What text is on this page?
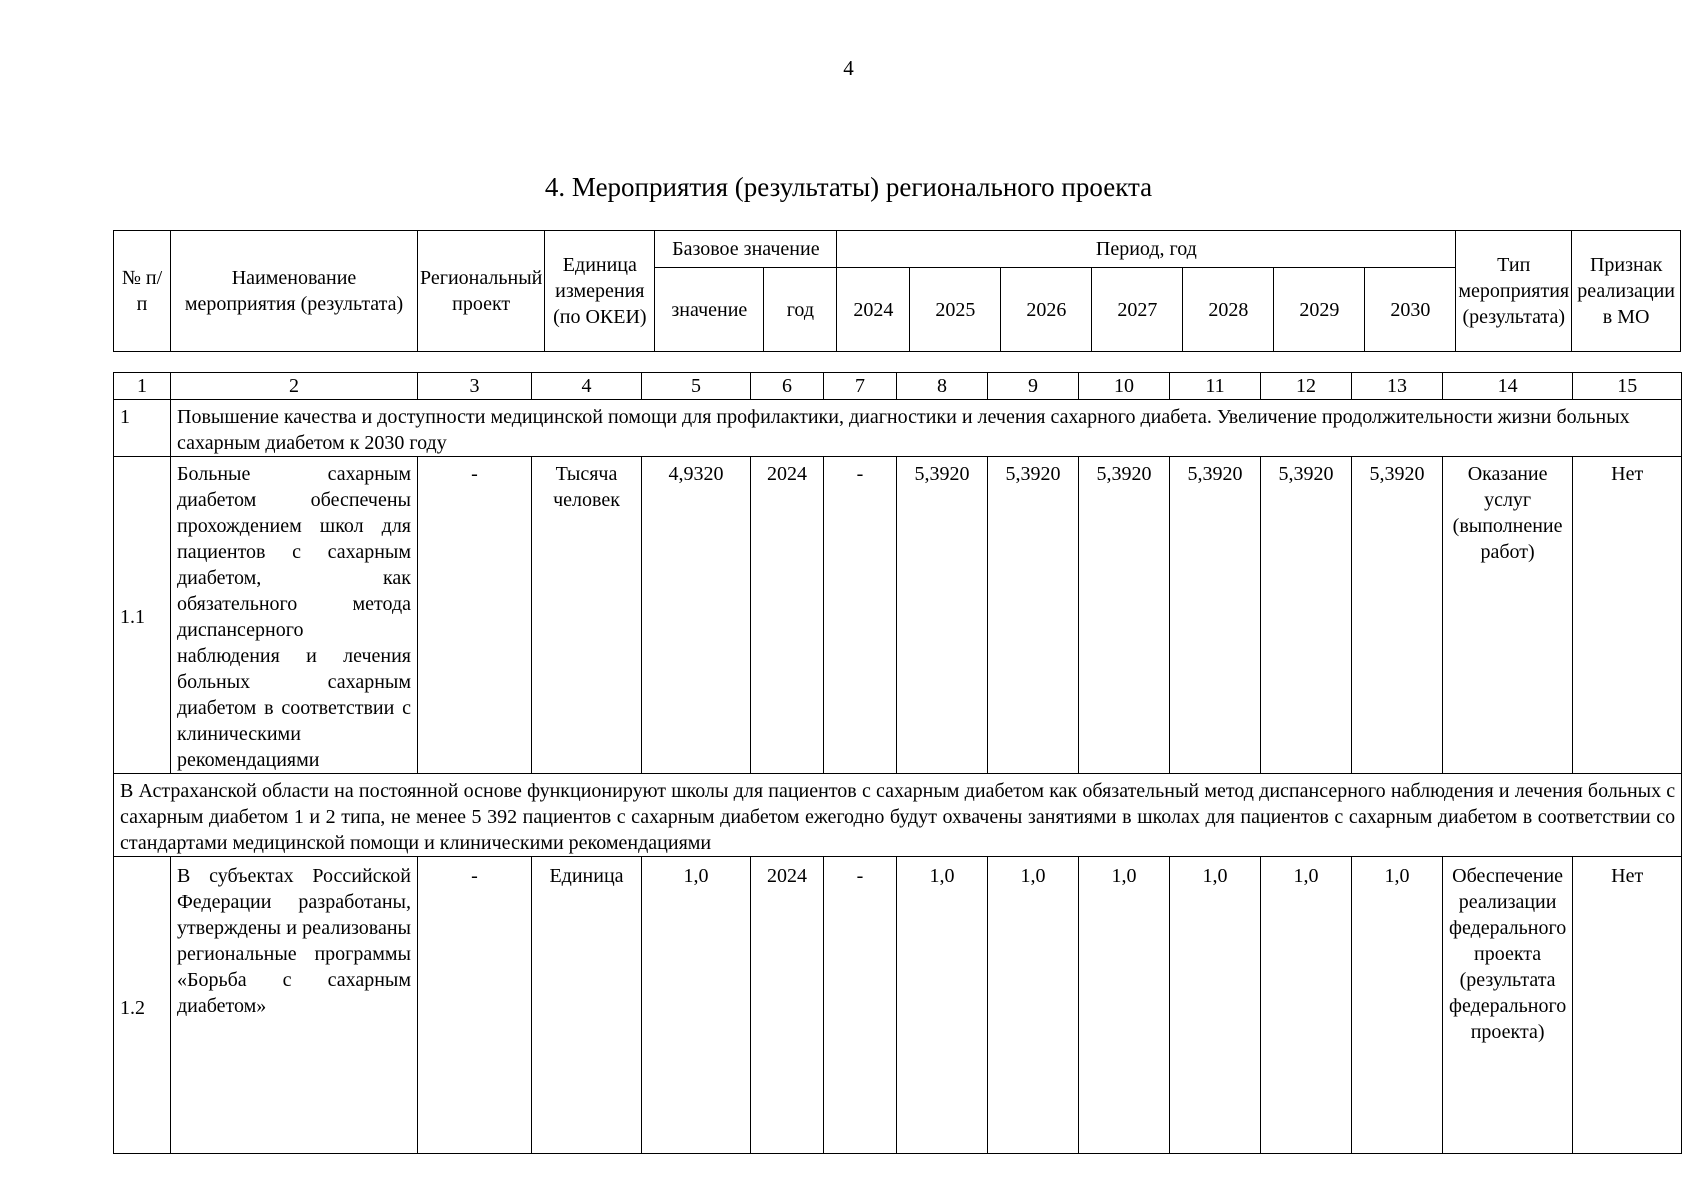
4
4. Мероприятия (результаты) регионального проекта
№ п/п	Наименование мероприятия (результата)	Региональный проект	Единица измерения (по ОКЕИ)	Базовое значение		Период, год							Тип мероприятия (результата)	Признак реализации в МО
				значение	год	2024	2025	2026	2027	2028	2029	2030		
1	2	3	4	5	6	7	8	9	10	11	12	13	14	15
1	Повышение качества и доступности медицинской помощи для профилактики, диагностики и лечения сахарного диабета. Увеличение продолжительности жизни больных сахарным диабетом к 2030 году													
1.1	Больные сахарным диабетом обеспечены прохождением школ для пациентов с сахарным диабетом, как обязательного метода диспансерного наблюдения и лечения больных сахарным диабетом в соответствии с клиническими рекомендациями	-	Тысяча человек	4,9320	2024	-	5,3920	5,3920	5,3920	5,3920	5,3920	5,3920	Оказание услуг (выполнение работ)	Нет
В Астраханской области на постоянной основе функционируют школы для пациентов с сахарным диабетом как обязательный метод диспансерного наблюдения и лечения больных с сахарным диабетом 1 и 2 типа, не менее 5 392 пациентов с сахарным диабетом ежегодно будут охвачены занятиями в школах для пациентов с сахарным диабетом в соответствии со стандартами медицинской помощи и клиническими рекомендациями														
1.2	В субъектах Российской Федерации разработаны, утверждены и реализованы региональные программы «Борьба с сахарным диабетом»	-	Единица	1,0	2024	-	1,0	1,0	1,0	1,0	1,0	1,0	Обеспечение реализации федерального проекта (результата федерального проекта)	Нет
